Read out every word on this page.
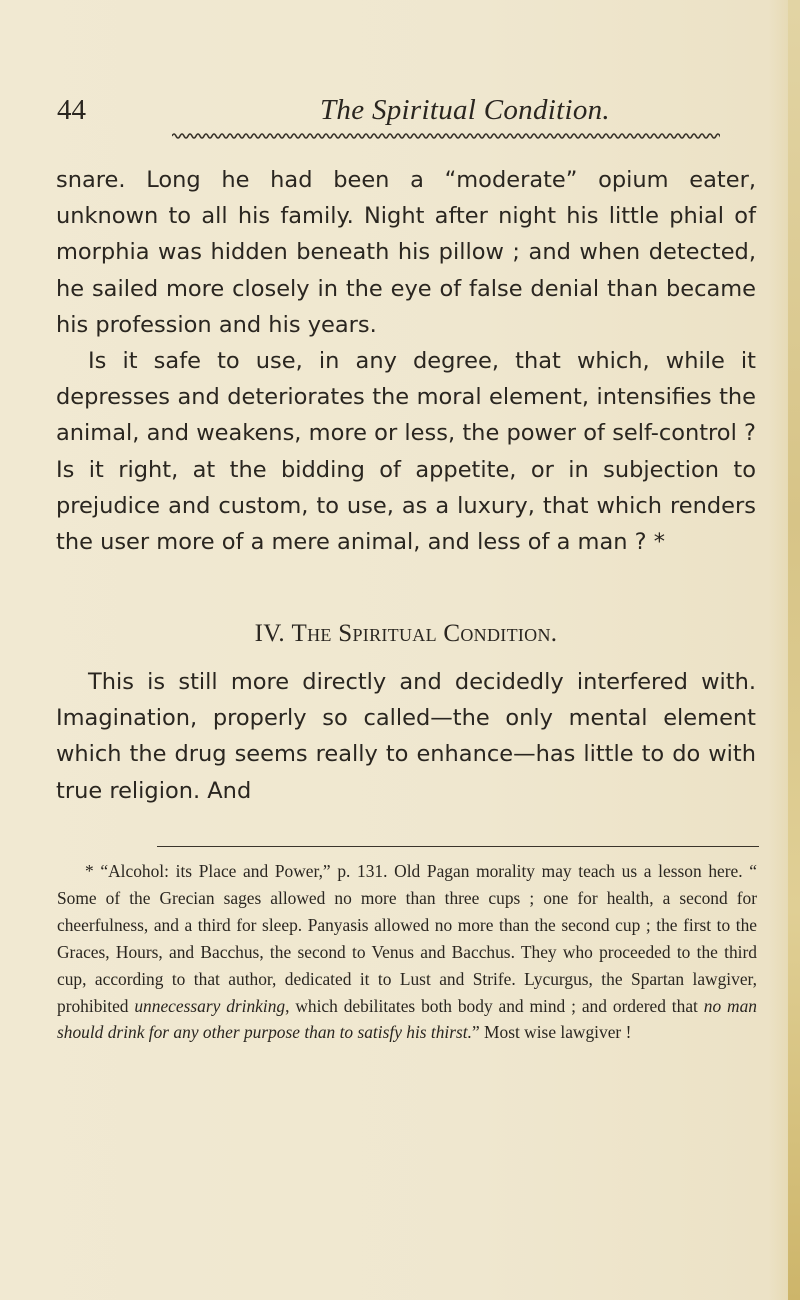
44	The Spiritual Condition.

snare. Long he had been a “moderate” opium eater, unknown to all his family. Night after night his little phial of morphia was hidden beneath his pillow ; and when detected, he sailed more closely in the eye of false denial than became his profession and his years.

Is it safe to use, in any degree, that which, while it depresses and deteriorates the moral element, intensifies the animal, and weakens, more or less, the power of self-control ? Is it right, at the bidding of appetite, or in subjection to prejudice and custom, to use, as a luxury, that which renders the user more of a mere animal, and less of a man ? *

IV. The Spiritual Condition.

This is still more directly and decidedly interfered with. Imagination, properly so called—the only mental element which the drug seems really to enhance—has little to do with true religion. And

* “Alcohol: its Place and Power,” p. 131. Old Pagan morality may teach us a lesson here. “ Some of the Grecian sages allowed no more than three cups ; one for health, a second for cheerfulness, and a third for sleep. Panyasis allowed no more than the second cup ; the first to the Graces, Hours, and Bacchus, the second to Venus and Bacchus. They who proceeded to the third cup, according to that author, dedicated it to Lust and Strife. Lycurgus, the Spartan lawgiver, prohibited unnecessary drinking, which debilitates both body and mind ; and ordered that no man should drink for any other purpose than to satisfy his thirst.” Most wise lawgiver !
